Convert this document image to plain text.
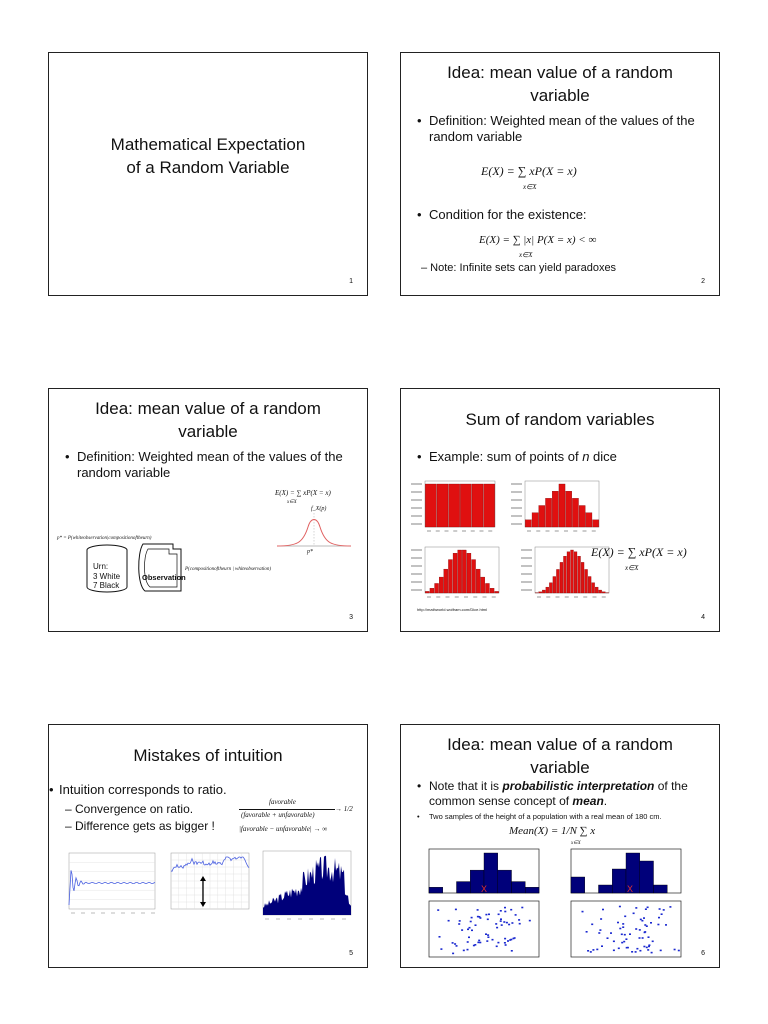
Mathematical Expectation
of a Random Variable
1
Idea: mean value of a random
variable
• Definition: Weighted mean of the values of the random variable
E(X) = ∑ xP(X = x)
x∈X
• Condition for the existence:
E(X) = ∑ |x| P(X = x) < ∞
x∈X
– Note: Infinite sets can yield paradoxes
2
Idea: mean value of a random
variable
• Definition: Weighted mean of the values of the random variable
E(X) = ∑ xP(X = x)
x∈X
f_X(p)
p*
p* = P(whiteobservation|compositionoftheurn)
Urn:
3 White
7 Black
Observation
P(compositionoftheurn | whiteobservation)
3
Sum of random variables
• Example: sum of points of n dice
http://mathworld.wolfram.com/Dice.html
E(X) = ∑ xP(X = x)
x∈X
4
Mistakes of intuition
• Intuition corresponds to ratio.
– Convergence on ratio.
– Difference gets as bigger !
favorable
(favorable + unfavorable)
→ 1/2
|favorable − unfavorable| → ∞
5
Idea: mean value of a random
variable
• Note that it is probabilistic interpretation of the common sense concept of mean.
• Two samples of the height of a population with a real mean of 180 cm.
Mean(X) = 1/N ∑ x
x∈X
X	X
6
